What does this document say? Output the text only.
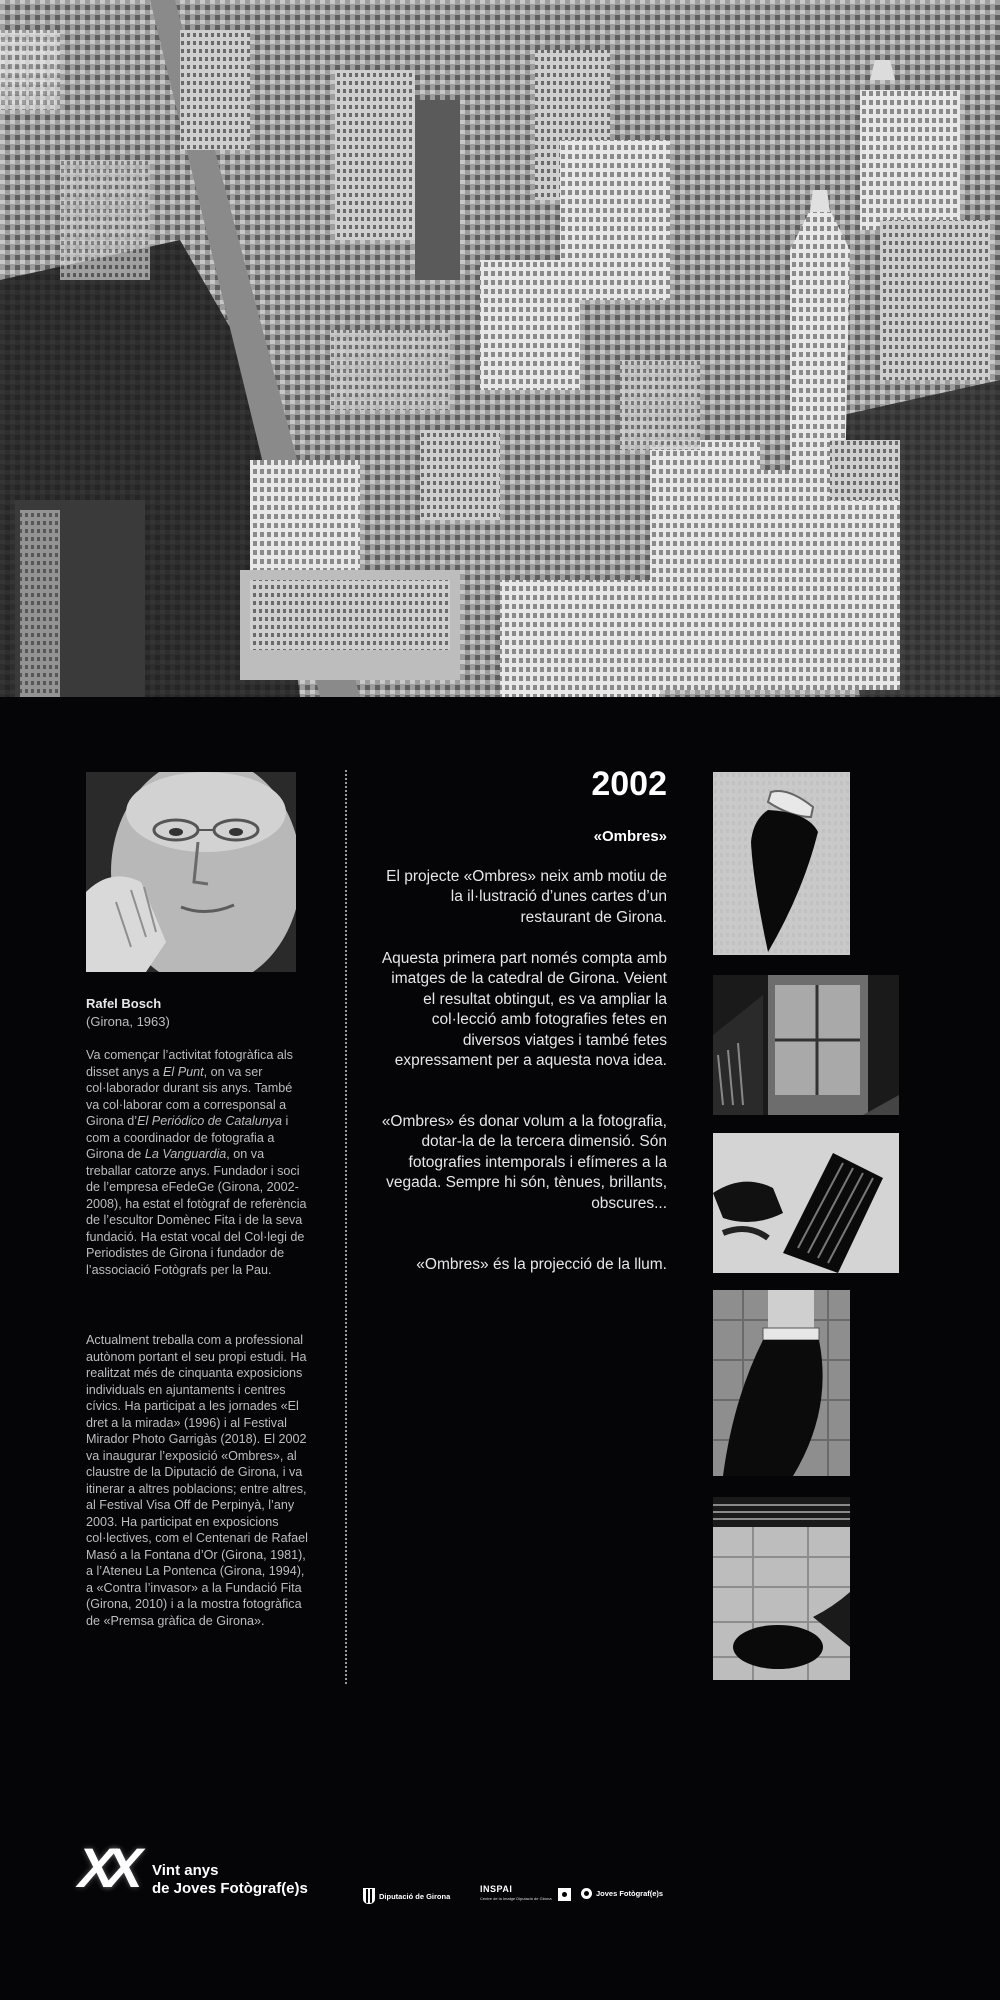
Rafel Bosch
(Girona, 1963)

Va començar l’activitat fotogràfica als disset anys a El Punt, on va ser col·laborador durant sis anys. També va col·laborar com a corresponsal a Girona d’El Periódico de Catalunya i com a coordinador de fotografia a Girona de La Vanguardia, on va treballar catorze anys. Fundador i soci de l’empresa eFedeGe (Girona, 2002-2008), ha estat el fotògraf de referència de l’escultor Domènec Fita i de la seva fundació. Ha estat vocal del Col·legi de Periodistes de Girona i fundador de l’associació Fotògrafs per la Pau.

Actualment treballa com a professional autònom portant el seu propi estudi. Ha realitzat més de cinquanta exposicions individuals en ajuntaments i centres cívics. Ha participat a les jornades «El dret a la mirada» (1996) i al Festival Mirador Photo Garrigàs (2018). El 2002 va inaugurar l’exposició «Ombres», al claustre de la Diputació de Girona, i va itinerar a altres poblacions; entre altres, al Festival Visa Off de Perpinyà, l’any 2003. Ha participat en exposicions col·lectives, com el Centenari de Rafael Masó a la Fontana d’Or (Girona, 1981), a l’Ateneu La Pontenca (Girona, 1994), a «Contra l’invasor» a la Fundació Fita (Girona, 2010) i a la mostra fotogràfica de «Premsa gràfica de Girona».

2002
«Ombres»

El projecte «Ombres» neix amb motiu de la il·lustració d’unes cartes d’un restaurant de Girona.

Aquesta primera part només compta amb imatges de la catedral de Girona. Veient el resultat obtingut, es va ampliar la col·lecció amb fotografies fetes en diversos viatges i també fetes expressament per a aquesta nova idea.

«Ombres» és donar volum a la fotografia, dotar-la de la tercera dimensió. Són fotografies intemporals i efímeres a la vegada. Sempre hi són, tènues, brillants, obscures...

«Ombres» és la projecció de la llum.

XX Vint anys
de Joves Fotògraf(e)s	Diputació de Girona
INSPAI
Centre de la Imatge Diputació de Girona
Joves Fotògraf(e)s
